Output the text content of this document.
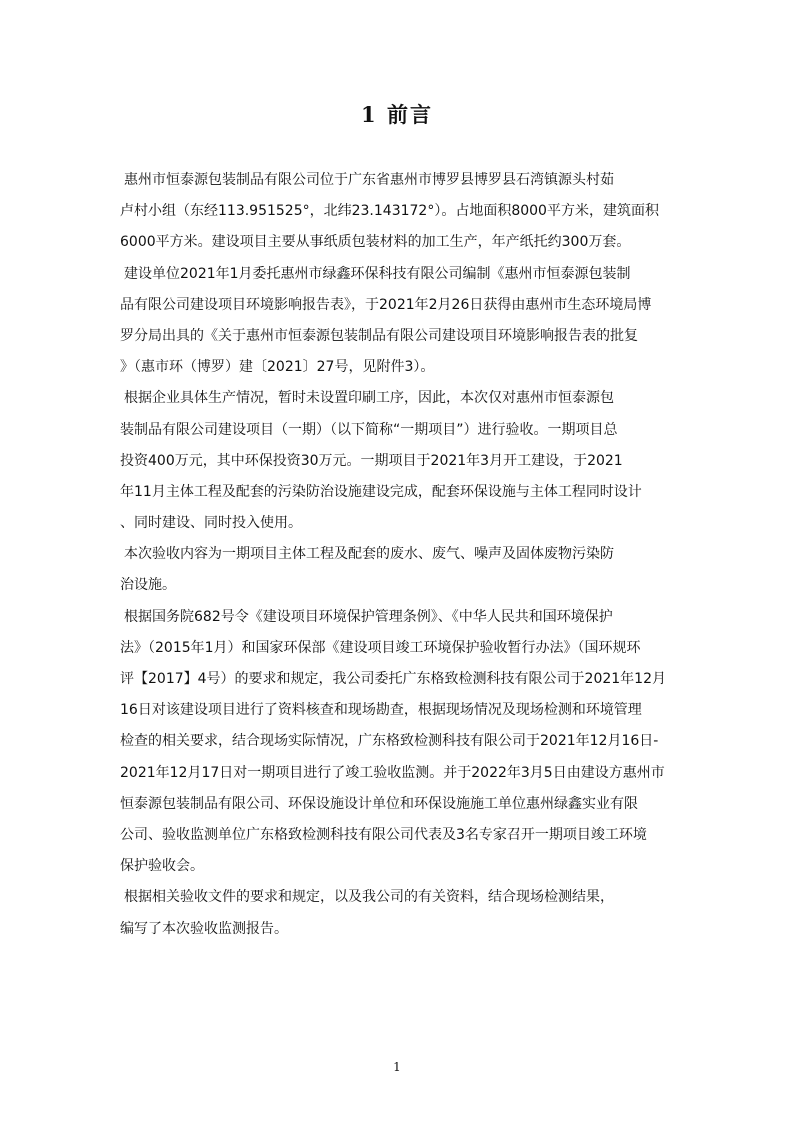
1 前言
惠州市恒泰源包装制品有限公司位于广东省惠州市博罗县博罗县石湾镇源头村茹
卢村小组（东经113.951525°，北纬23.143172°）。占地面积8000平方米，建筑面积
6000平方米。建设项目主要从事纸质包装材料的加工生产，年产纸托约300万套。
建设单位2021年1月委托惠州市绿鑫环保科技有限公司编制《惠州市恒泰源包装制
品有限公司建设项目环境影响报告表》，于2021年2月26日获得由惠州市生态环境局博
罗分局出具的《关于惠州市恒泰源包装制品有限公司建设项目环境影响报告表的批复
》（惠市环（博罗）建〔2021〕27号，见附件3）。
根据企业具体生产情况，暂时未设置印刷工序，因此，本次仅对惠州市恒泰源包
装制品有限公司建设项目（一期）（以下简称“一期项目”）进行验收。一期项目总
投资400万元，其中环保投资30万元。一期项目于2021年3月开工建设，于2021
年11月主体工程及配套的污染防治设施建设完成，配套环保设施与主体工程同时设计
、同时建设、同时投入使用。
本次验收内容为一期项目主体工程及配套的废水、废气、噪声及固体废物污染防
治设施。
根据国务院682号令《建设项目环境保护管理条例》、《中华人民共和国环境保护
法》（2015年1月）和国家环保部《建设项目竣工环境保护验收暂行办法》（国环规环
评【2017】4号）的要求和规定，我公司委托广东格致检测科技有限公司于2021年12月
16日对该建设项目进行了资料核查和现场勘查，根据现场情况及现场检测和环境管理
检查的相关要求，结合现场实际情况，广东格致检测科技有限公司于2021年12月16日-
2021年12月17日对一期项目进行了竣工验收监测。并于2022年3月5日由建设方惠州市
恒泰源包装制品有限公司、环保设施设计单位和环保设施施工单位惠州绿鑫实业有限
公司、验收监测单位广东格致检测科技有限公司代表及3名专家召开一期项目竣工环境
保护验收会。
根据相关验收文件的要求和规定，以及我公司的有关资料，结合现场检测结果，
编写了本次验收监测报告。
1
